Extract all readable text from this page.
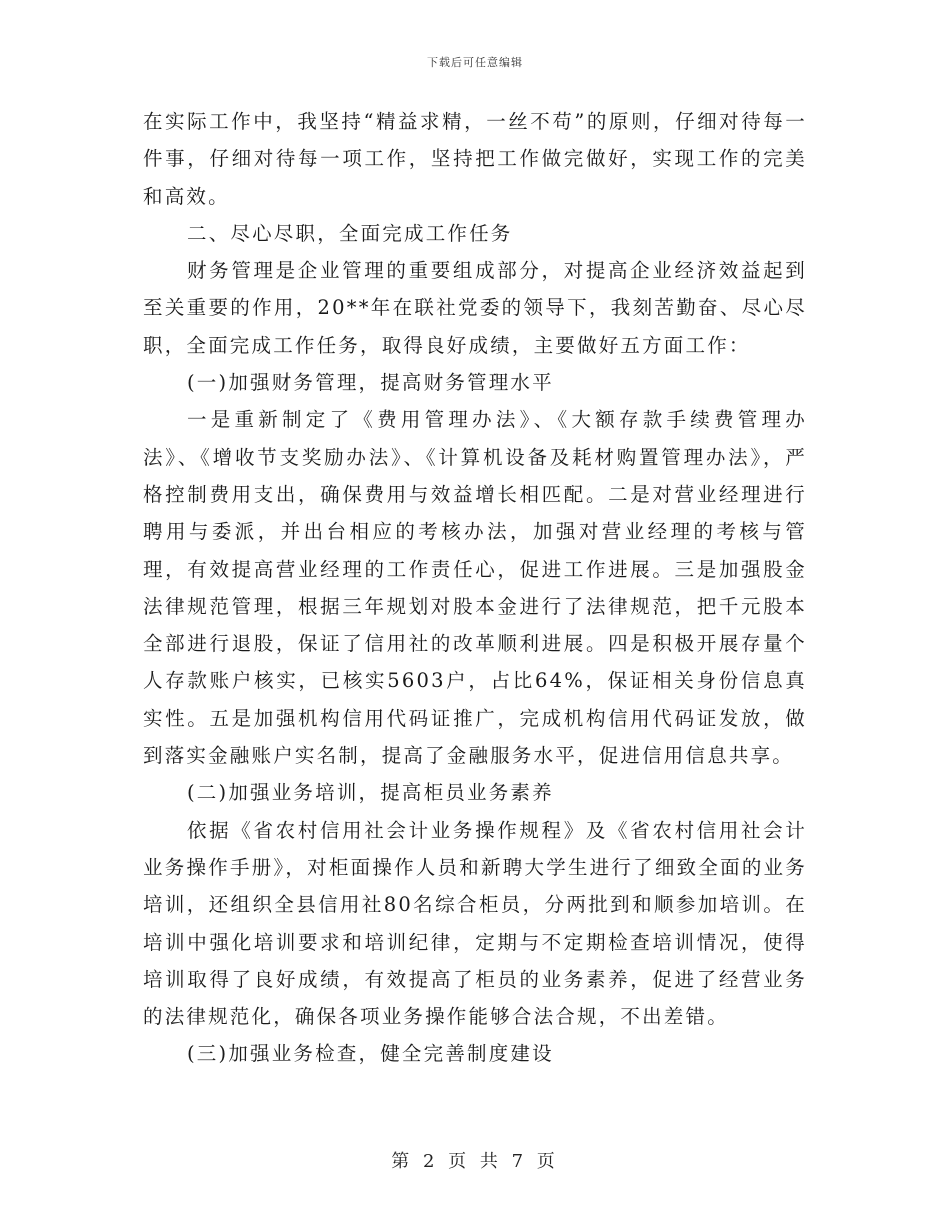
下载后可任意编辑

在实际工作中，我坚持“精益求精，一丝不苟”的原则，仔细对待每一件事，仔细对待每一项工作，坚持把工作做完做好，实现工作的完美和高效。

二、尽心尽职，全面完成工作任务

财务管理是企业管理的重要组成部分，对提高企业经济效益起到至关重要的作用，20**年在联社党委的领导下，我刻苦勤奋、尽心尽职，全面完成工作任务，取得良好成绩，主要做好五方面工作：

(一)加强财务管理，提高财务管理水平

一是重新制定了《费用管理办法》、《大额存款手续费管理办法》、《增收节支奖励办法》、《计算机设备及耗材购置管理办法》，严格控制费用支出，确保费用与效益增长相匹配。二是对营业经理进行聘用与委派，并出台相应的考核办法，加强对营业经理的考核与管理，有效提高营业经理的工作责任心，促进工作进展。三是加强股金法律规范管理，根据三年规划对股本金进行了法律规范，把千元股本全部进行退股，保证了信用社的改革顺利进展。四是积极开展存量个人存款账户核实，已核实5603户，占比64%，保证相关身份信息真实性。五是加强机构信用代码证推广，完成机构信用代码证发放，做到落实金融账户实名制，提高了金融服务水平，促进信用信息共享。

(二)加强业务培训，提高柜员业务素养

依据《省农村信用社会计业务操作规程》及《省农村信用社会计业务操作手册》，对柜面操作人员和新聘大学生进行了细致全面的业务培训，还组织全县信用社80名综合柜员，分两批到和顺参加培训。在培训中强化培训要求和培训纪律，定期与不定期检查培训情况，使得培训取得了良好成绩，有效提高了柜员的业务素养，促进了经营业务的法律规范化，确保各项业务操作能够合法合规，不出差错。

(三)加强业务检查，健全完善制度建设

第 2 页 共 7 页
